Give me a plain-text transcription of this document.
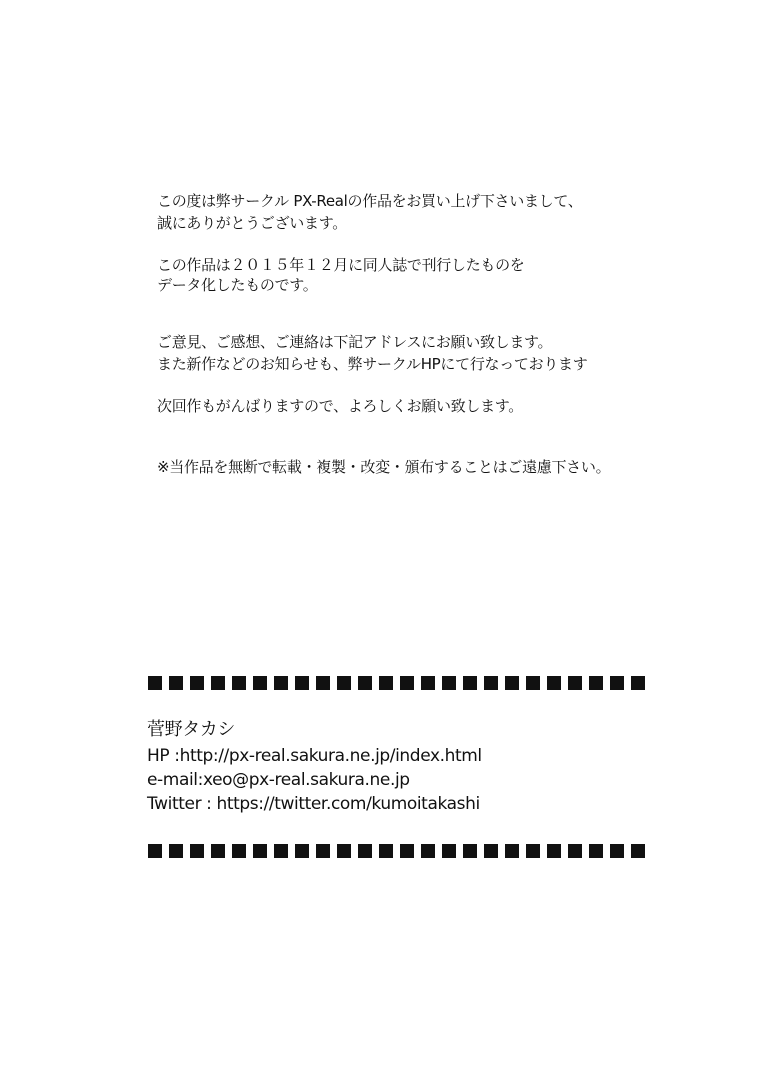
この度は弊サークル PX-Realの作品をお買い上げ下さいまして、
誠にありがとうございます。
この作品は２０１５年１２月に同人誌で刊行したものを
データ化したものです。
ご意見、ご感想、ご連絡は下記アドレスにお願い致します。
また新作などのお知らせも、弊サークルHPにて行なっております
次回作もがんばりますので、よろしくお願い致します。
※当作品を無断で転載・複製・改変・頒布することはご遠慮下さい。
菅野タカシ
HP :http://px-real.sakura.ne.jp/index.html
e-mail:xeo@px-real.sakura.ne.jp
Twitter : https://twitter.com/kumoitakashi
